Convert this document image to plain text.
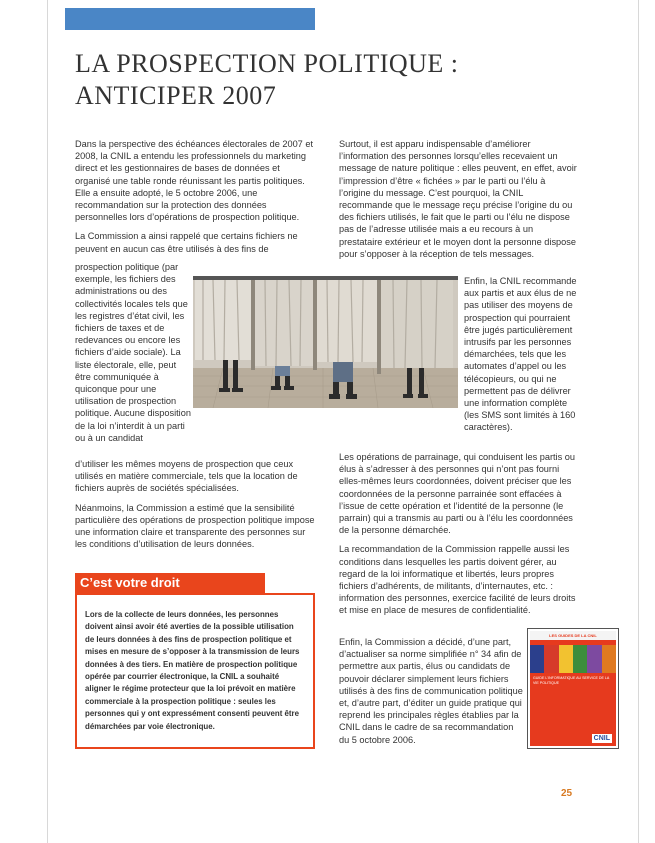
LA PROSPECTION POLITIQUE :
ANTICIPER 2007

Dans la perspective des échéances électorales de 2007 et 2008, la CNIL a entendu les professionnels du marketing direct et les gestionnaires de bases de données et organisé une table ronde réunissant les partis politiques. Elle a ensuite adopté, le 5 octobre 2006, une recommandation sur la protection des données personnelles lors d’opérations de prospection politique.

La Commission a ainsi rappelé que certains fichiers ne peuvent en aucun cas être utilisés à des fins de

prospection politique (par exemple, les fichiers des administrations ou des collectivités locales tels que les registres d’état civil, les fichiers de taxes et de redevances ou encore les fichiers d’aide sociale). La liste électorale, elle, peut être communiquée à quiconque pour une utilisation de prospection politique. Aucune disposition de la loi n’interdit à un parti ou à un candidat

d’utiliser les mêmes moyens de prospection que ceux utilisés en matière commerciale, tels que la location de fichiers auprès de sociétés spécialisées.

Néanmoins, la Commission a estimé que la sensibilité particulière des opérations de prospection politique impose une information claire et transparente des personnes sur les conditions d’utilisation de leurs données.

Surtout, il est apparu indispensable d’améliorer l’information des personnes lorsqu’elles recevaient un message de nature politique : elles peuvent, en effet, avoir l’impression d’être « fichées » par le parti ou l’élu à l’origine du message. C’est pourquoi, la CNIL recommande que le message reçu précise l’origine du ou des fichiers utilisés, le fait que le parti ou l’élu ne dispose pas de l’adresse utilisée mais a eu recours à un prestataire extérieur et le moyen dont la personne dispose pour s’opposer à la réception de tels messages.

Enfin, la CNIL recommande aux partis et aux élus de ne pas utiliser des moyens de prospection qui pourraient être jugés particulièrement intrusifs par les personnes démarchées, tels que les automates d’appel ou les télécopieurs, ou qui ne permettent pas de délivrer une information complète (les SMS sont limités à 160 caractères).

Les opérations de parrainage, qui conduisent les partis ou élus à s’adresser à des personnes qui n’ont pas fourni elles-mêmes leurs coordonnées, doivent préciser que les coordonnées de la personne parrainée sont effacées à l’issue de cette opération et l’identité de la personne (le parrain) qui a transmis au parti ou à l’élu les coordonnées de la personne démarchée.

La recommandation de la Commission rappelle aussi les conditions dans lesquelles les partis doivent gérer, au regard de la loi informatique et libertés, leurs propres fichiers d’adhérents, de militants, d’internautes, etc. : information des personnes, exercice facilité de leurs droits et mise en place de mesures de confidentialité.

Enfin, la Commission a décidé, d’une part, d’actualiser sa norme simplifiée n° 34 afin de permettre aux partis, élus ou candidats de pouvoir déclarer simplement leurs fichiers utilisés à des fins de communication politique et, d’autre part, d’éditer un guide pratique qui reprend les principales règles établies par la CNIL dans le cadre de sa recommandation du 5 octobre 2006.

C’est votre droit
Lors de la collecte de leurs données, les personnes doivent ainsi avoir été averties de la possible utilisation de leurs données à des fins de prospection politique et mises en mesure de s’opposer à la transmission de leurs données à des tiers. En matière de prospection politique opérée par courrier électronique, la CNIL a souhaité aligner le régime protecteur que la loi prévoit en matière commerciale à la prospection politique : seules les personnes qui y ont expressément consenti peuvent être démarchées par voie électronique.
LES GUIDES DE LA CNIL
GUIDE L'INFORMATIQUE AU SERVICE DE LA VIE POLITIQUE
CNIL
25
